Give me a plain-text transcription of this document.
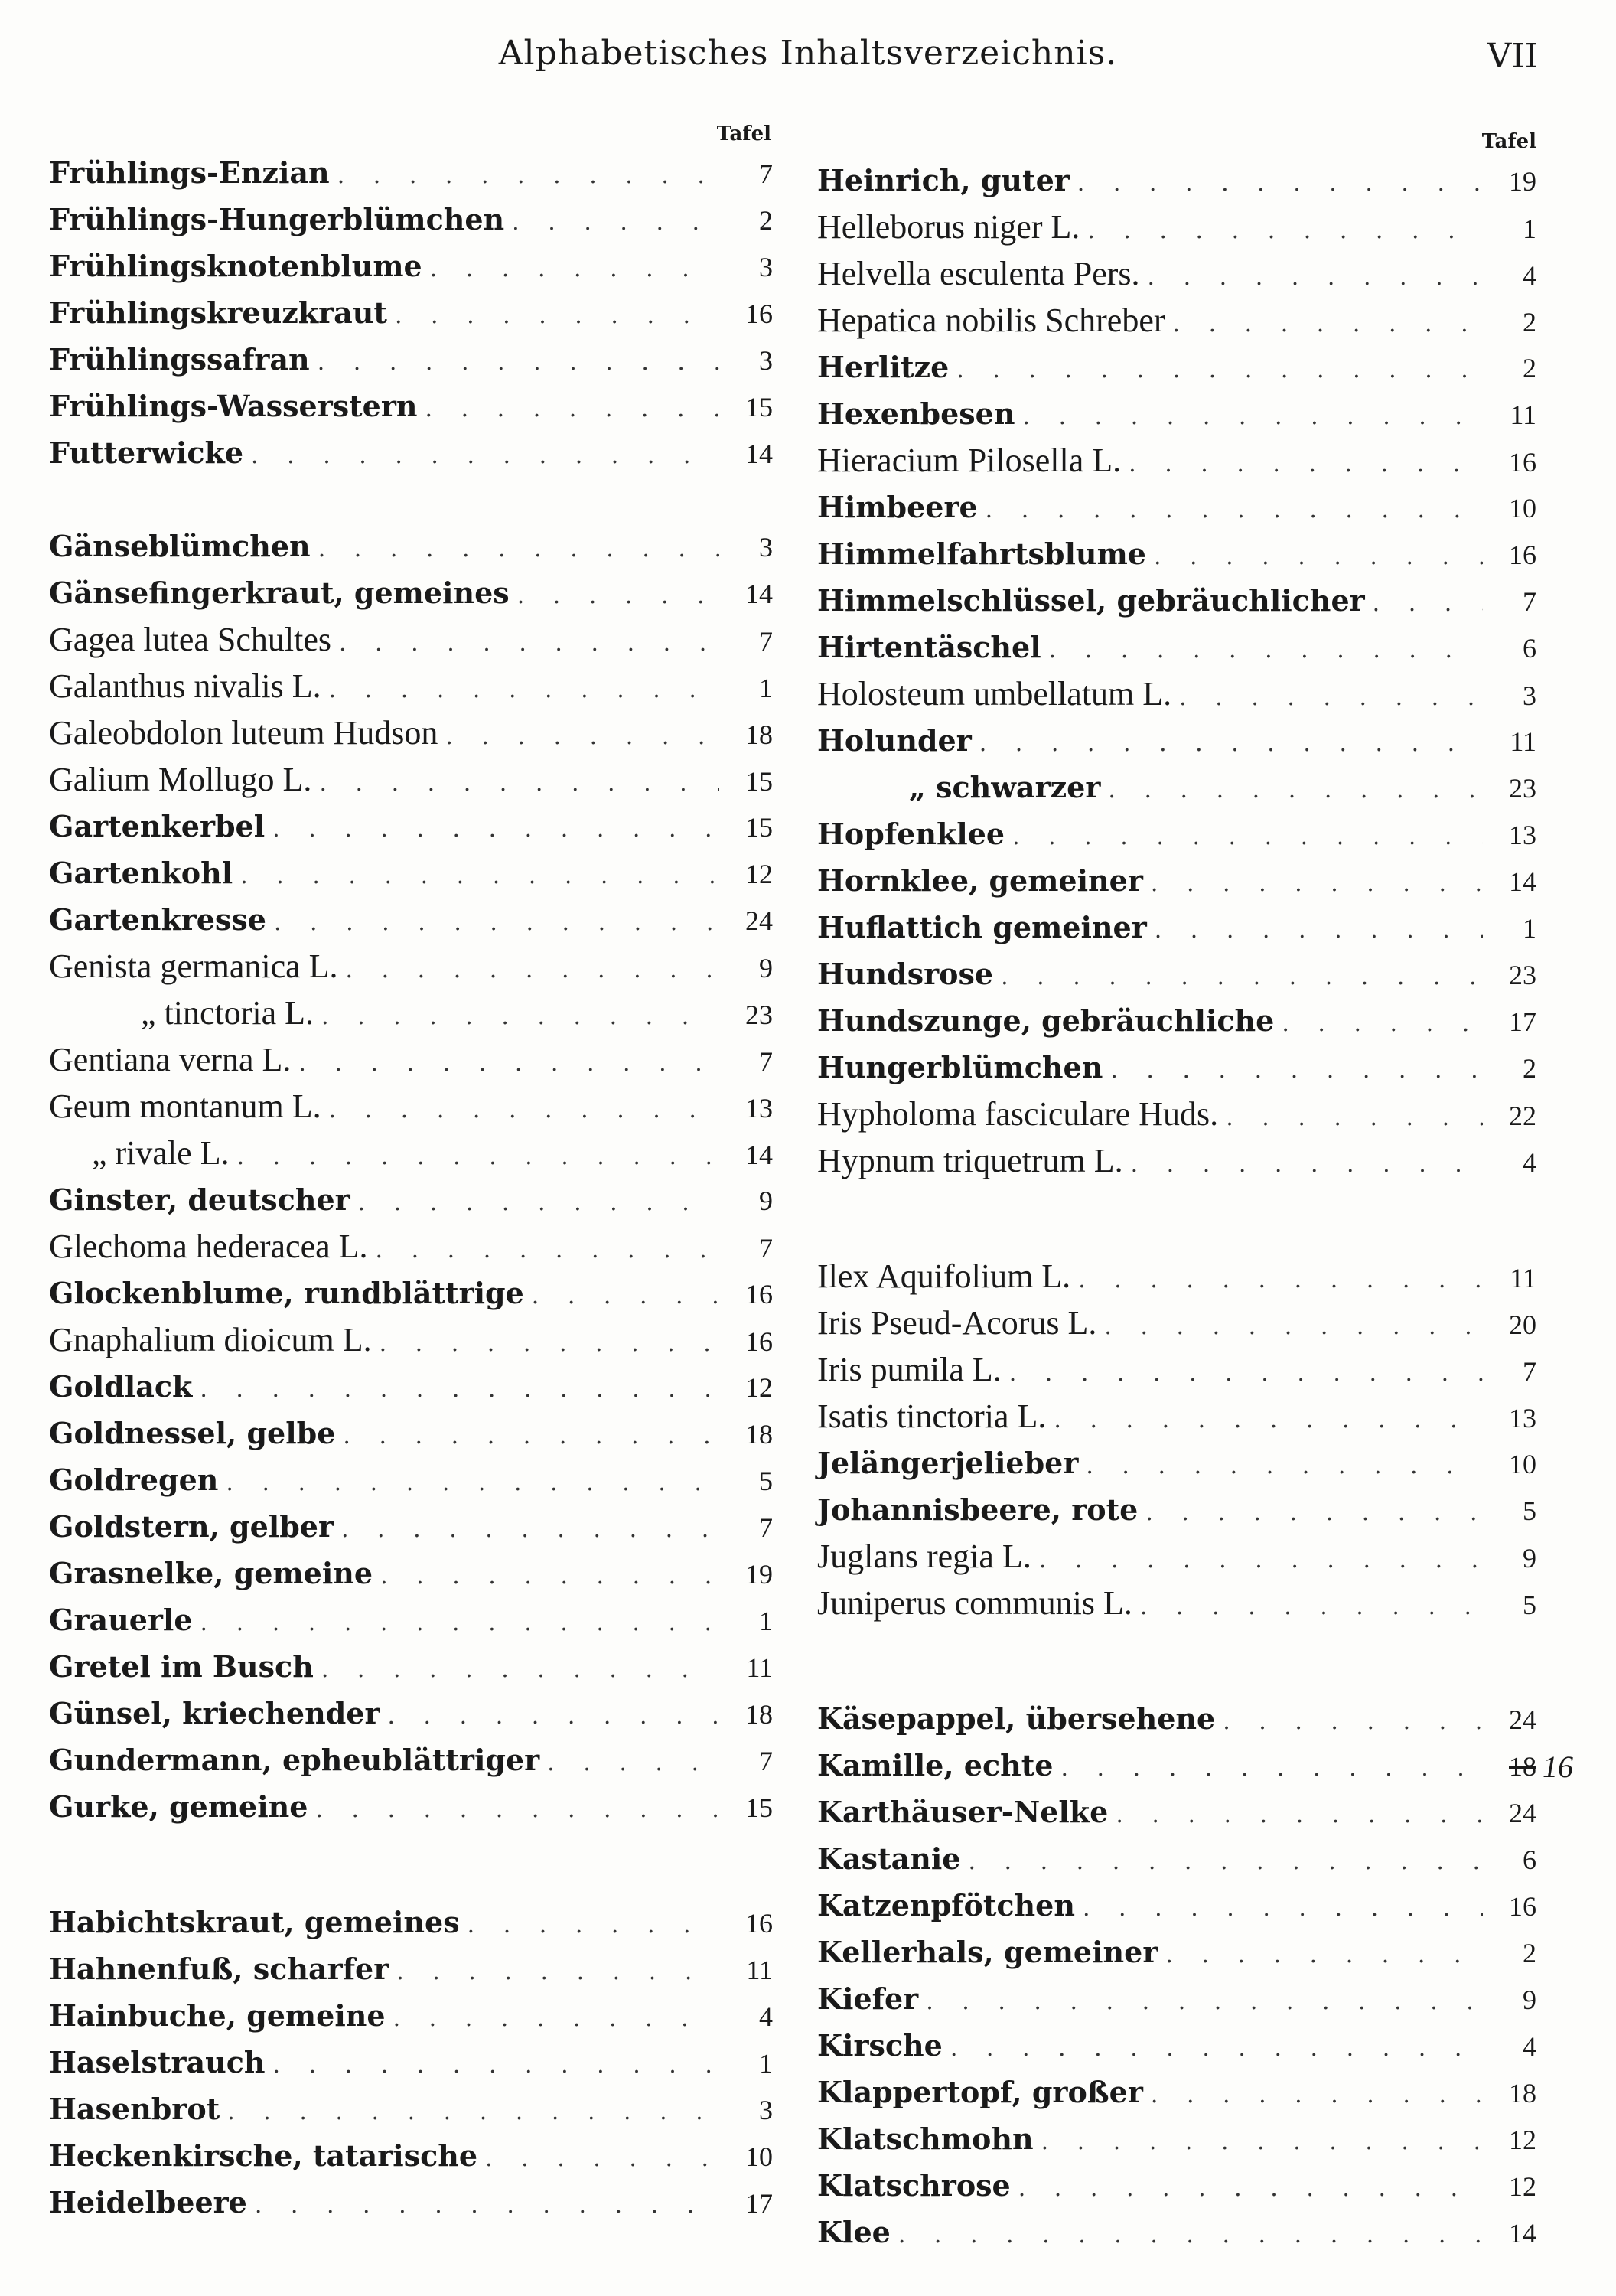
Alphabetisches Inhaltsverzeichnis.	VII
Tafel
Frühlings-Enzian . . .	7
Frühlings-Hungerblümchen . . .	2
Frühlingsknotenblume . . .	3
Frühlingskreuzkraut . . .	16
Frühlingssafran . . .	3
Frühlings-Wasserstern . . .	15
Futterwicke . . .	14
Gänseblümchen . . .	3
Gänsefingerkraut, gemeines . . .	14
Gagea lutea Schultes . . .	7
Galanthus nivalis L. . . .	1
Galeobdolon luteum Hudson . . .	18
Galium Mollugo L. . . .	15
Gartenkerbel . . .	15
Gartenkohl . . .	12
Gartenkresse . . .	24
Genista germanica L. . . .	9
„ tinctoria L. . . .	23
Gentiana verna L. . . .	7
Geum montanum L. . . .	13
„ rivale L. . . .	14
Ginster, deutscher . . .	9
Glechoma hederacea L. . . .	7
Glockenblume, rundblättrige . . .	16
Gnaphalium dioicum L. . . .	16
Goldlack . . .	12
Goldnessel, gelbe . . .	18
Goldregen . . .	5
Goldstern, gelber . . .	7
Grasnelke, gemeine . . .	19
Grauerle . . .	1
Gretel im Busch . . .	11
Günsel, kriechender . . .	18
Gundermann, epheublättriger . . .	7
Gurke, gemeine . . .	15
Habichtskraut, gemeines . . .	16
Hahnenfuß, scharfer . . .	11
Hainbuche, gemeine . . .	4
Haselstrauch . . .	1
Hasenbrot . . .	3
Heckenkirsche, tatarische . . .	10
Heidelbeere . . .	17
Tafel
Heinrich, guter . . .	19
Helleborus niger L. . . .	1
Helvella esculenta Pers. . . .	4
Hepatica nobilis Schreber . . .	2
Herlitze . . .	2
Hexenbesen . . .	11
Hieracium Pilosella L. . . .	16
Himbeere . . .	10
Himmelfahrtsblume . . .	16
Himmelschlüssel, gebräuchlicher . . .	7
Hirtentäschel . . .	6
Holosteum umbellatum L. . . .	3
Holunder . . .	11
„ schwarzer . . .	23
Hopfenklee . . .	13
Hornklee, gemeiner . . .	14
Huflattich gemeiner . . .	1
Hundsrose . . .	23
Hundszunge, gebräuchliche . . .	17
Hungerblümchen . . .	2
Hypholoma fasciculare Huds. . . .	22
Hypnum triquetrum L. . . .	4
Ilex Aquifolium L. . . .	11
Iris Pseud-Acorus L. . . .	20
Iris pumila L. . . .	7
Isatis tinctoria L. . . .	13
Jelängerjelieber . . .	10
Johannisbeere, rote . . .	5
Juglans regia L. . . .	9
Juniperus communis L. . . .	5
Käsepappel, übersehene . . .	24
Kamille, echte . . .	18 16
Karthäuser-Nelke . . .	24
Kastanie . . .	6
Katzenpfötchen . . .	16
Kellerhals, gemeiner . . .	2
Kiefer . . .	9
Kirsche . . .	4
Klappertopf, großer . . .	18
Klatschmohn . . .	12
Klatschrose . . .	12
Klee . . .	14
